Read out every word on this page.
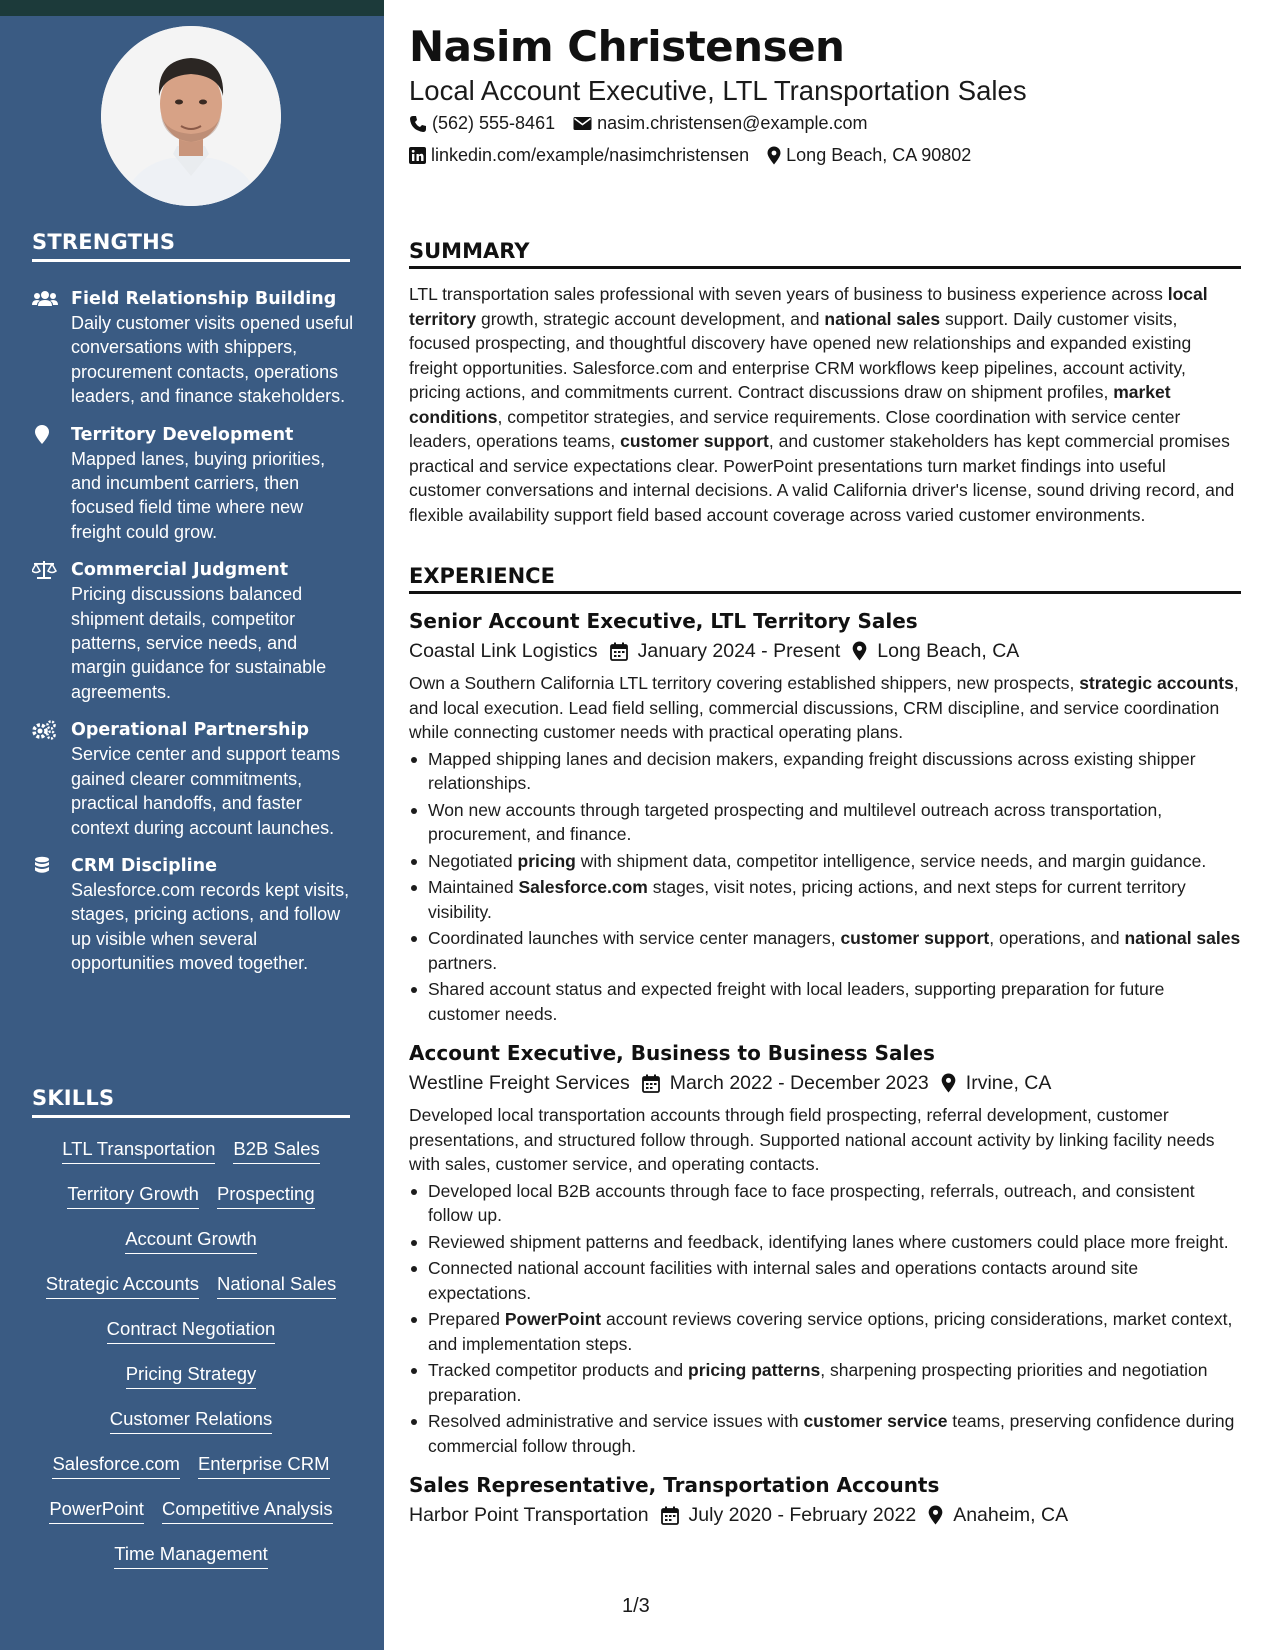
STRENGTHS
Field Relationship Building
Daily customer visits opened useful conversations with shippers, procurement contacts, operations leaders, and finance stakeholders.
Territory Development
Mapped lanes, buying priorities, and incumbent carriers, then focused field time where new freight could grow.
Commercial Judgment
Pricing discussions balanced shipment details, competitor patterns, service needs, and margin guidance for sustainable agreements.
Operational Partnership
Service center and support teams gained clearer commitments, practical handoffs, and faster context during account launches.
CRM Discipline
Salesforce.com records kept visits, stages, pricing actions, and follow up visible when several opportunities moved together.
SKILLS
LTL Transportation B2B Sales
Territory Growth Prospecting
Account Growth
Strategic Accounts National Sales
Contract Negotiation
Pricing Strategy
Customer Relations
Salesforce.com Enterprise CRM
PowerPoint Competitive Analysis
Time Management
Nasim Christensen
Local Account Executive, LTL Transportation Sales
(562) 555-8461 nasim.christensen@example.com
linkedin.com/example/nasimchristensen Long Beach, CA 90802
SUMMARY
LTL transportation sales professional with seven years of business to business experience across local territory growth, strategic account development, and national sales support. Daily customer visits, focused prospecting, and thoughtful discovery have opened new relationships and expanded existing freight opportunities. Salesforce.com and enterprise CRM workflows keep pipelines, account activity, pricing actions, and commitments current. Contract discussions draw on shipment profiles, market conditions, competitor strategies, and service requirements. Close coordination with service center leaders, operations teams, customer support, and customer stakeholders has kept commercial promises practical and service expectations clear. PowerPoint presentations turn market findings into useful customer conversations and internal decisions. A valid California driver's license, sound driving record, and flexible availability support field based account coverage across varied customer environments.
EXPERIENCE
Senior Account Executive, LTL Territory Sales
Coastal Link Logistics January 2024 - Present Long Beach, CA
Own a Southern California LTL territory covering established shippers, new prospects, strategic accounts, and local execution. Lead field selling, commercial discussions, CRM discipline, and service coordination while connecting customer needs with practical operating plans.
Mapped shipping lanes and decision makers, expanding freight discussions across existing shipper relationships.
Won new accounts through targeted prospecting and multilevel outreach across transportation, procurement, and finance.
Negotiated pricing with shipment data, competitor intelligence, service needs, and margin guidance.
Maintained Salesforce.com stages, visit notes, pricing actions, and next steps for current territory visibility.
Coordinated launches with service center managers, customer support, operations, and national sales partners.
Shared account status and expected freight with local leaders, supporting preparation for future customer needs.
Account Executive, Business to Business Sales
Westline Freight Services March 2022 - December 2023 Irvine, CA
Developed local transportation accounts through field prospecting, referral development, customer presentations, and structured follow through. Supported national account activity by linking facility needs with sales, customer service, and operating contacts.
Developed local B2B accounts through face to face prospecting, referrals, outreach, and consistent follow up.
Reviewed shipment patterns and feedback, identifying lanes where customers could place more freight.
Connected national account facilities with internal sales and operations contacts around site expectations.
Prepared PowerPoint account reviews covering service options, pricing considerations, market context, and implementation steps.
Tracked competitor products and pricing patterns, sharpening prospecting priorities and negotiation preparation.
Resolved administrative and service issues with customer service teams, preserving confidence during commercial follow through.
Sales Representative, Transportation Accounts
Harbor Point Transportation July 2020 - February 2022 Anaheim, CA
1/3
